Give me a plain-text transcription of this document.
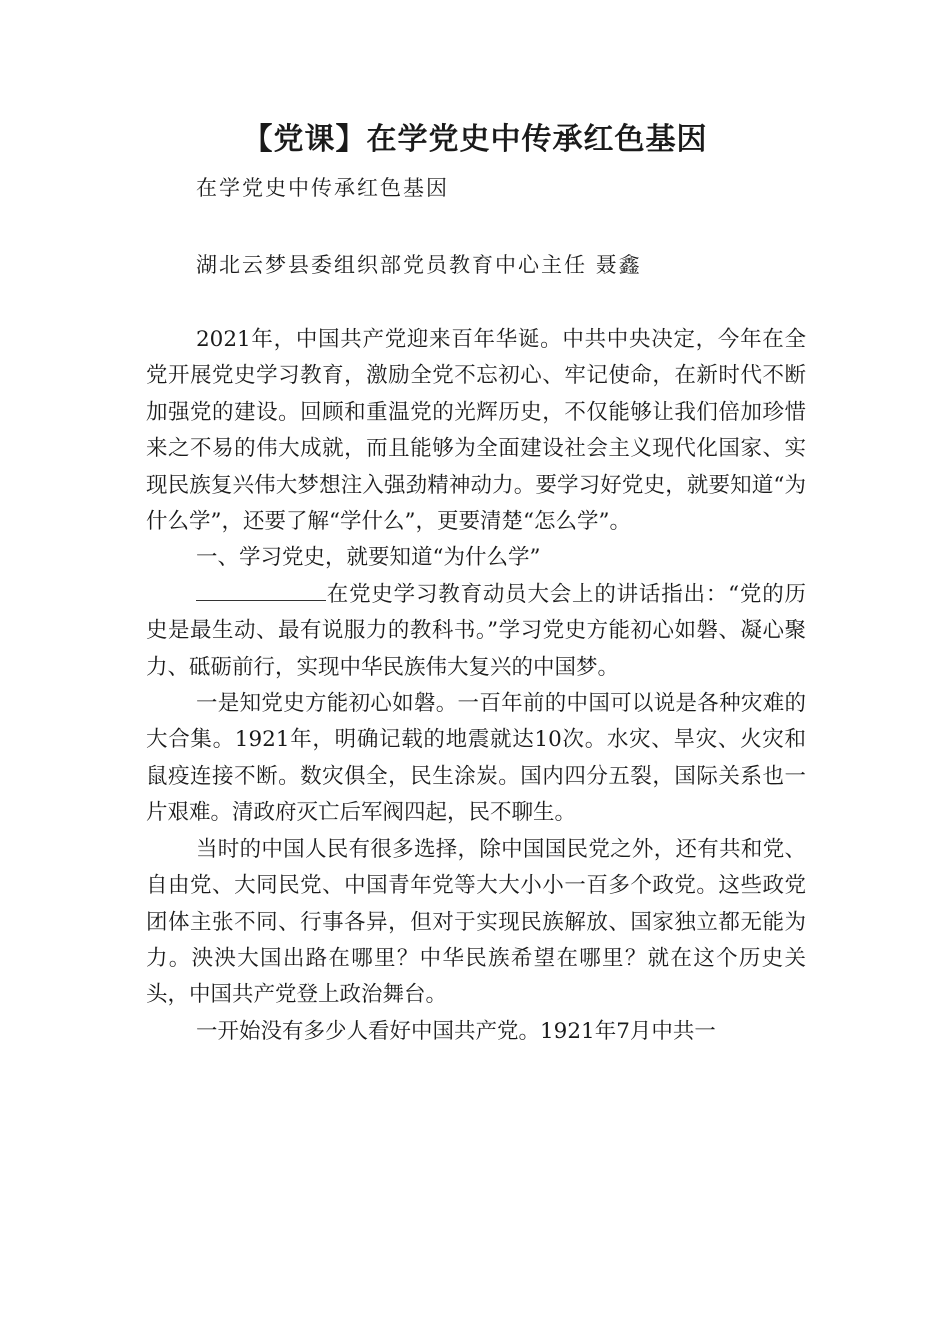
【党课】在学党史中传承红色基因

在学党史中传承红色基因

湖北云梦县委组织部党员教育中心主任 聂鑫

2021年，中国共产党迎来百年华诞。中共中央决定，今年在全党开展党史学习教育，激励全党不忘初心、牢记使命，在新时代不断加强党的建设。回顾和重温党的光辉历史，不仅能够让我们倍加珍惜来之不易的伟大成就，而且能够为全面建设社会主义现代化国家、实现民族复兴伟大梦想注入强劲精神动力。要学习好党史，就要知道“为什么学”，还要了解“学什么”，更要清楚“怎么学”。

一、学习党史，就要知道“为什么学”

在党史学习教育动员大会上的讲话指出：“党的历史是最生动、最有说服力的教科书。”学习党史方能初心如磐、凝心聚力、砥砺前行，实现中华民族伟大复兴的中国梦。

一是知党史方能初心如磐。一百年前的中国可以说是各种灾难的大合集。1921年，明确记载的地震就达10次。水灾、旱灾、火灾和鼠疫连接不断。数灾俱全，民生涂炭。国内四分五裂，国际关系也一片艰难。清政府灭亡后军阀四起，民不聊生。

当时的中国人民有很多选择，除中国国民党之外，还有共和党、自由党、大同民党、中国青年党等大大小小一百多个政党。这些政党团体主张不同、行事各异，但对于实现民族解放、国家独立都无能为力。泱泱大国出路在哪里？中华民族希望在哪里？就在这个历史关头，中国共产党登上政治舞台。

一开始没有多少人看好中国共产党。1921年7月中共一
